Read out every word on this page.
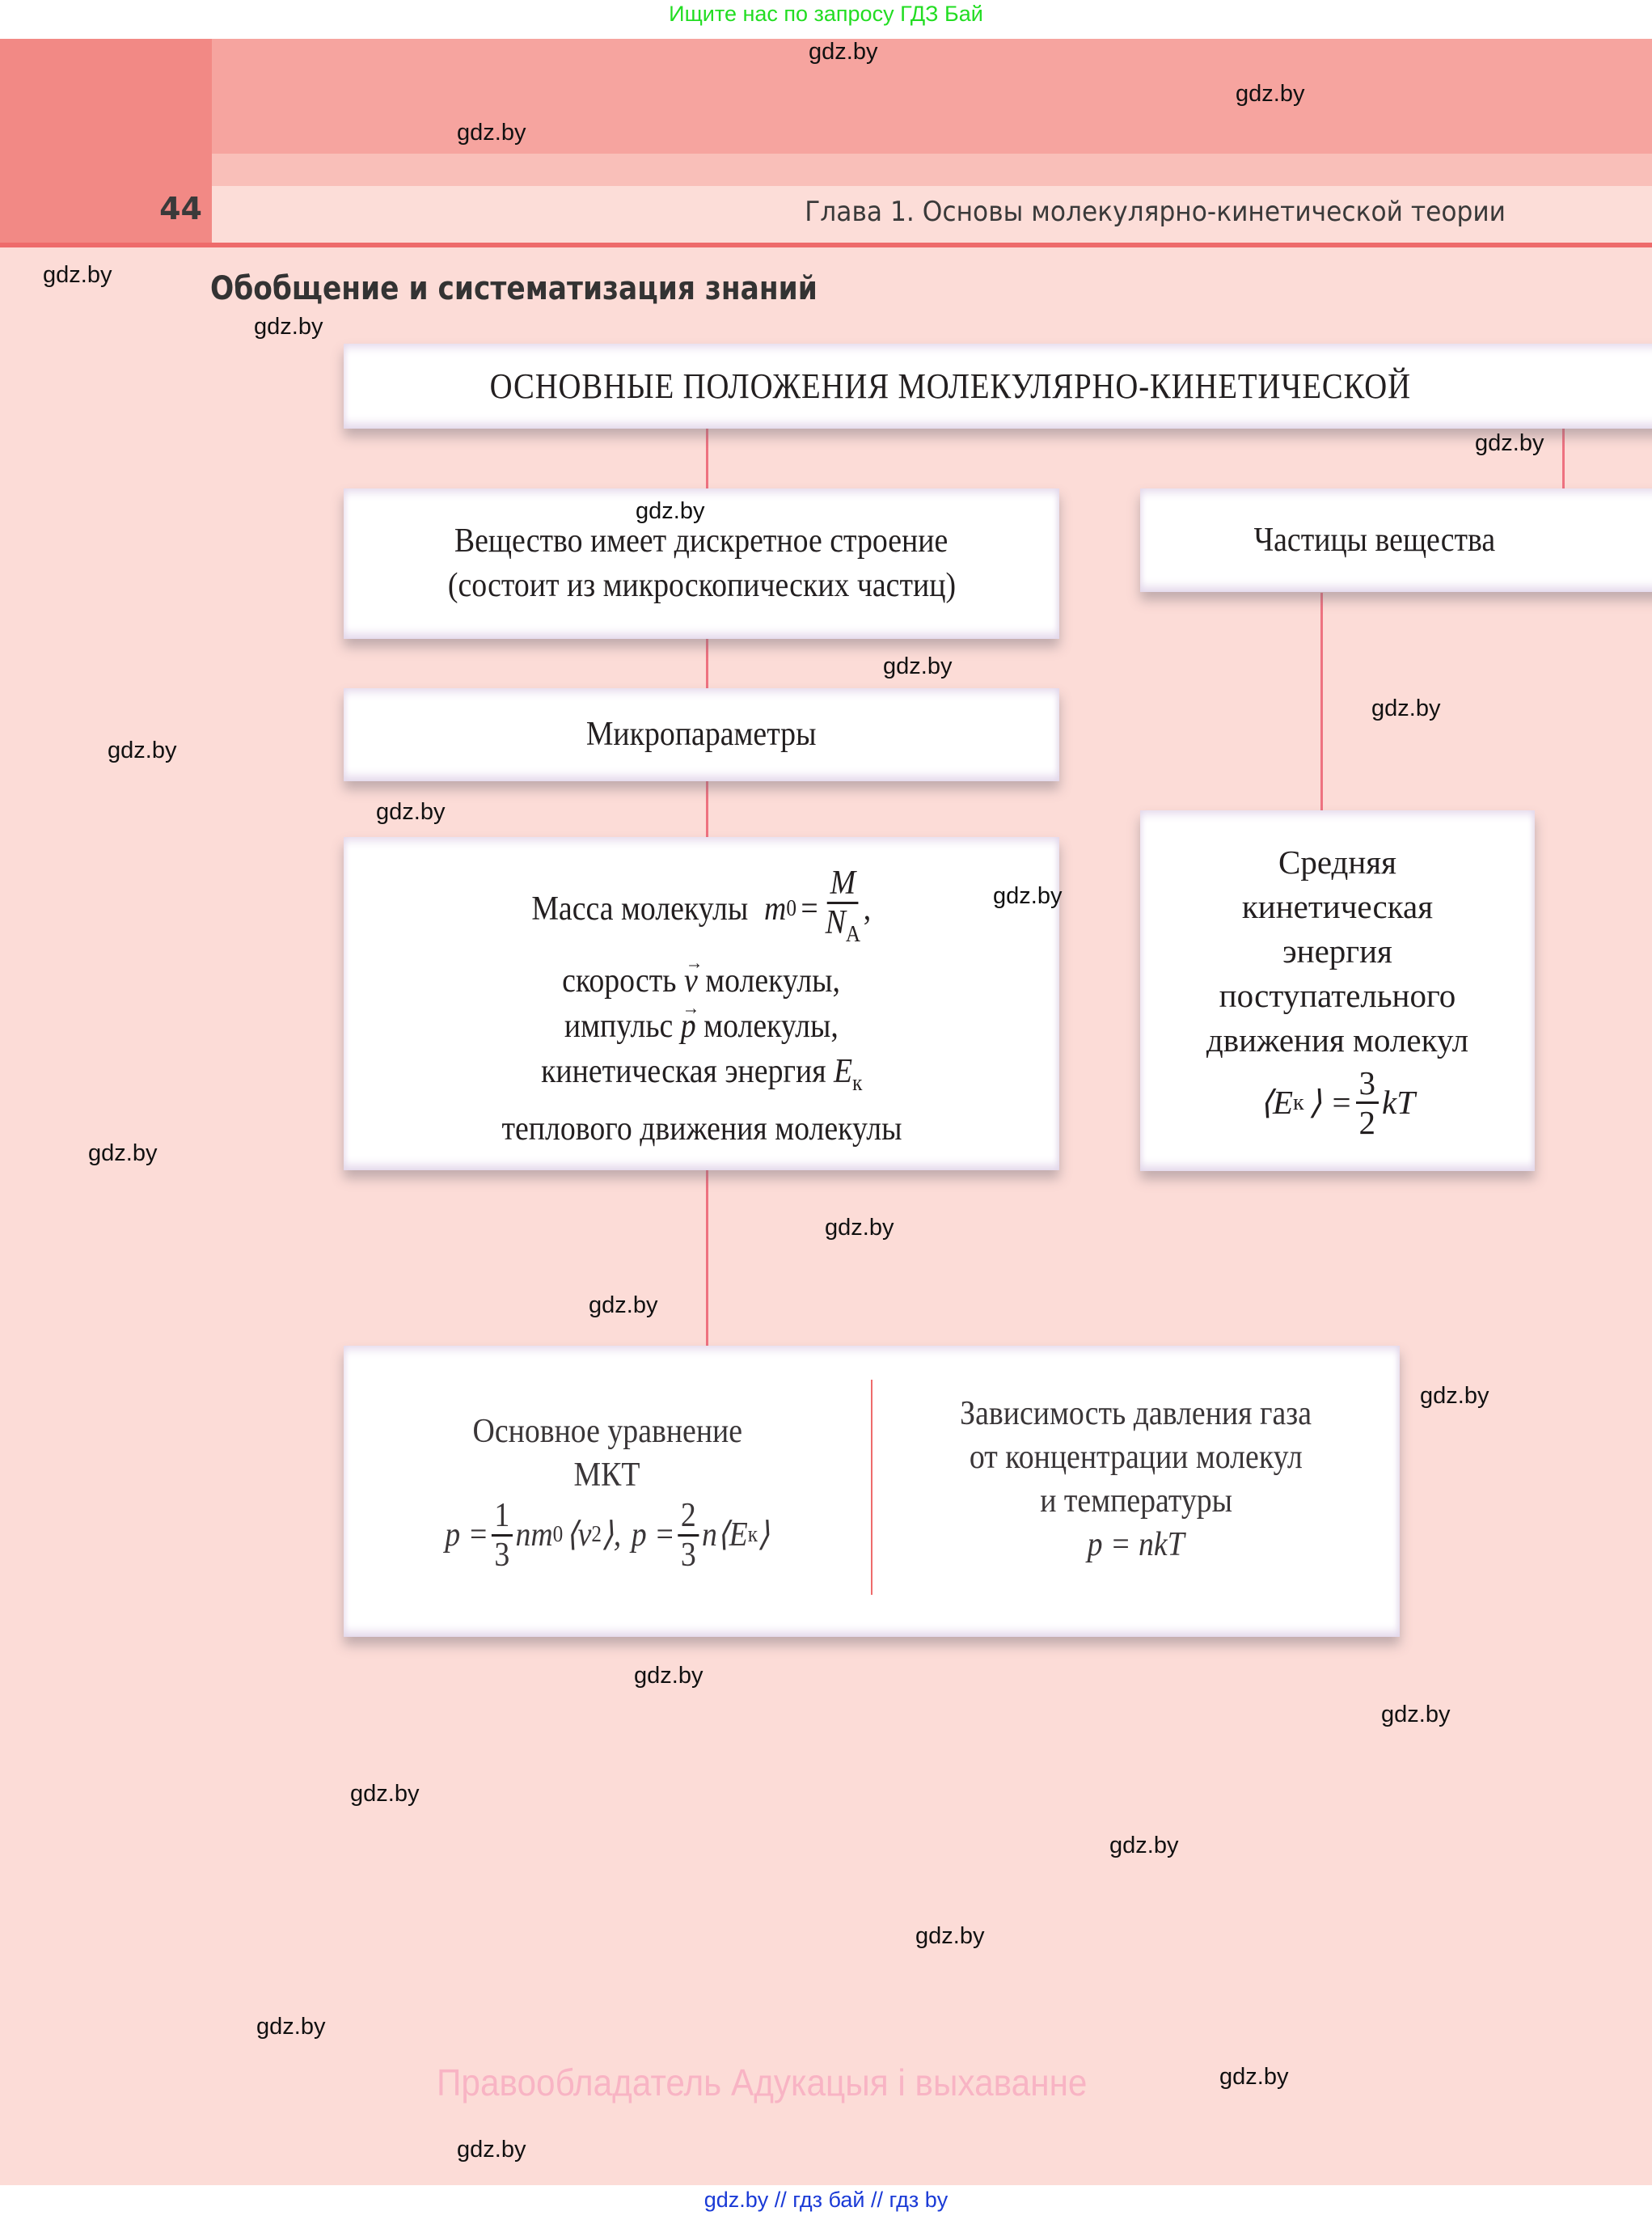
Ищите нас по запросу ГДЗ Бай
44	Глава 1. Основы молекулярно-кинетической теории
Обобщение и систематизация знаний
ОСНОВНЫЕ ПОЛОЖЕНИЯ МОЛЕКУЛЯРНО-КИНЕТИЧЕСКОЙ
Вещество имеет дискретное строение
(состоит из микроскопических частиц)
Частицы вещества
Микропараметры
Масса молекулы m $0 = \frac{M}{N_A}$ ,
скорость → v молекулы,
импульс → p молекулы,
кинетическая энергия $E_к$
теплового движения молекулы
Средняя
кинетическая
энергия
поступательного
движения молекул
⟨E к ⟩ = $\frac{3}{2}$ kT
Основное уравнение
МКТ
$p = \frac{1}{3}$ nm 0 ⟨v 2 ⟩, $p = \frac{2}{3}$ n⟨E к ⟩
Зависимость давления газа
от концентрации молекул
и температуры
p = nkT
gdz.by
gdz.by
gdz.by
gdz.by
gdz.by
gdz.by
gdz.by
gdz.by
gdz.by
gdz.by
gdz.by
gdz.by
gdz.by
gdz.by
gdz.by
gdz.by
gdz.by
gdz.by
gdz.by
gdz.by
gdz.by
gdz.by
gdz.by
gdz.by
Правообладатель Адукацыя і выхаванне
gdz.by // гдз бай // гдз by
